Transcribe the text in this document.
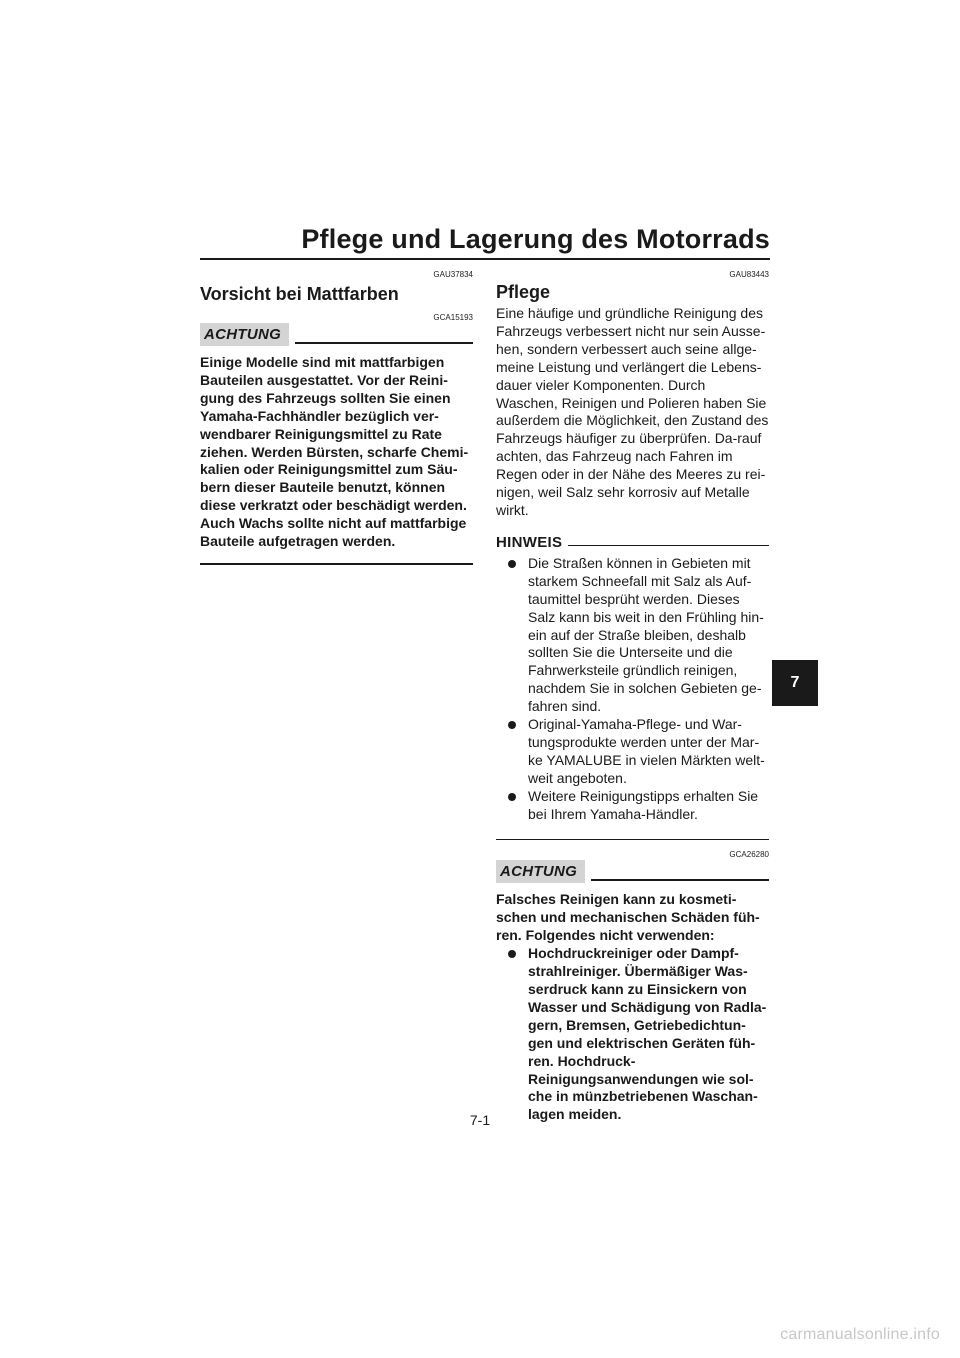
Pflege und Lagerung des Motorrads
GAU37834
Vorsicht bei Mattfarben
GCA15193
ACHTUNG

Einige Modelle sind mit mattfarbigen Bauteilen ausgestattet. Vor der Reini-gung des Fahrzeugs sollten Sie einen Yamaha-Fachhändler bezüglich ver-wendbarer Reinigungsmittel zu Rate ziehen. Werden Bürsten, scharfe Chemi-kalien oder Reinigungsmittel zum Säu-bern dieser Bauteile benutzt, können diese verkratzt oder beschädigt werden. Auch Wachs sollte nicht auf mattfarbige Bauteile aufgetragen werden.

GAU83443
Pflege

Eine häufige und gründliche Reinigung des Fahrzeugs verbessert nicht nur sein Ausse-hen, sondern verbessert auch seine allge-meine Leistung und verlängert die Lebens-dauer vieler Komponenten. Durch Waschen, Reinigen und Polieren haben Sie außerdem die Möglichkeit, den Zustand des Fahrzeugs häufiger zu überprüfen. Da-rauf achten, das Fahrzeug nach Fahren im Regen oder in der Nähe des Meeres zu rei-nigen, weil Salz sehr korrosiv auf Metalle wirkt.

HINWEIS
Die Straßen können in Gebieten mit starkem Schneefall mit Salz als Auf-taumittel besprüht werden. Dieses Salz kann bis weit in den Frühling hin-ein auf der Straße bleiben, deshalb sollten Sie die Unterseite und die Fahrwerksteile gründlich reinigen, nachdem Sie in solchen Gebieten ge-fahren sind.
Original-Yamaha-Pflege- und War-tungsprodukte werden unter der Mar-ke YAMALUBE in vielen Märkten welt-weit angeboten.
Weitere Reinigungstipps erhalten Sie bei Ihrem Yamaha-Händler.
GCA26280
ACHTUNG

Falsches Reinigen kann zu kosmeti-schen und mechanischen Schäden füh-ren. Folgendes nicht verwenden:

Hochdruckreiniger oder Dampf-strahlreiniger. Übermäßiger Was-serdruck kann zu Einsickern von Wasser und Schädigung von Radla-gern, Bremsen, Getriebedichtun-gen und elektrischen Geräten füh-ren. Hochdruck-Reinigungsanwendungen wie sol-che in münzbetriebenen Waschan-lagen meiden.
7
7-1
carmanualsonline.info
